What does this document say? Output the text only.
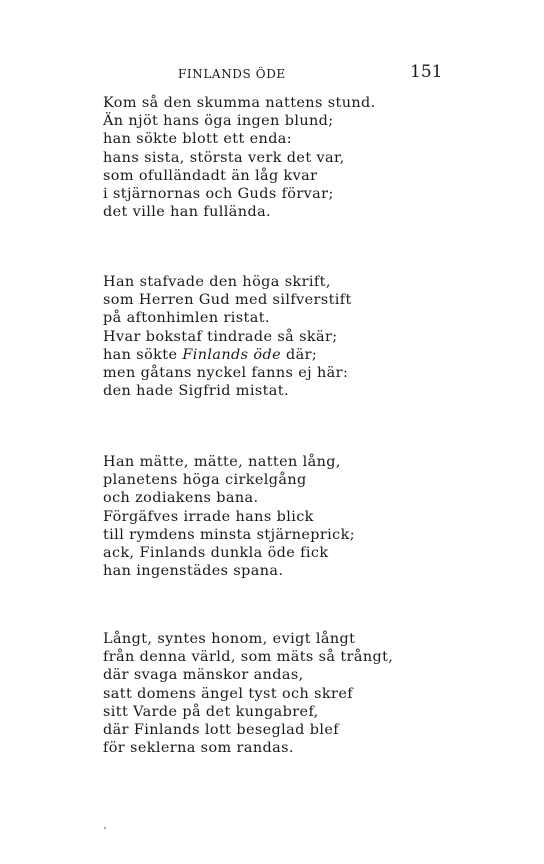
FINLANDS ÖDE	151
Kom så den skumma nattens stund.
Än njöt hans öga ingen blund;
han sökte blott ett enda:
hans sista, största verk det var,
som ofulländadt än låg kvar
i stjärnornas och Guds förvar;
det ville han fullända.
Han stafvade den höga skrift,
som Herren Gud med silfverstift
på aftonhimlen ristat.
Hvar bokstaf tindrade så skär;
han sökte Finlands öde där;
men gåtans nyckel fanns ej här:
den hade Sigfrid mistat.
Han mätte, mätte, natten lång,
planetens höga cirkelgång
och zodiakens bana.
Förgäfves irrade hans blick
till rymdens minsta stjärneprick;
ack, Finlands dunkla öde fick
han ingenstädes spana.
Långt, syntes honom, evigt långt
från denna värld, som mäts så trångt,
där svaga mänskor andas,
satt domens ängel tyst och skref
sitt Varde på det kungabref,
där Finlands lott beseglad blef
för seklerna som randas.
